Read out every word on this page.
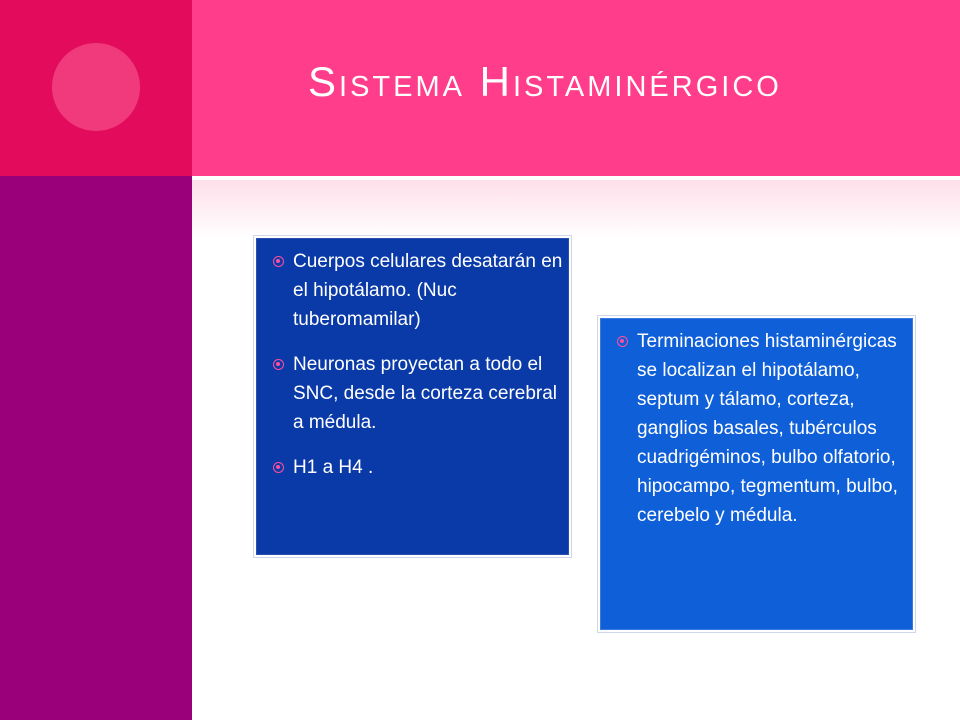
Sistema Histaminérgico
Cuerpos celulares desatarán en el hipotálamo. (Nuc tuberomamilar)
Neuronas proyectan a todo el SNC, desde la corteza cerebral a médula.
H1 a H4 .
Terminaciones histaminérgicas se localizan el hipotálamo, septum y tálamo, corteza, ganglios basales, tubérculos cuadrigéminos, bulbo olfatorio, hipocampo, tegmentum, bulbo, cerebelo y médula.
